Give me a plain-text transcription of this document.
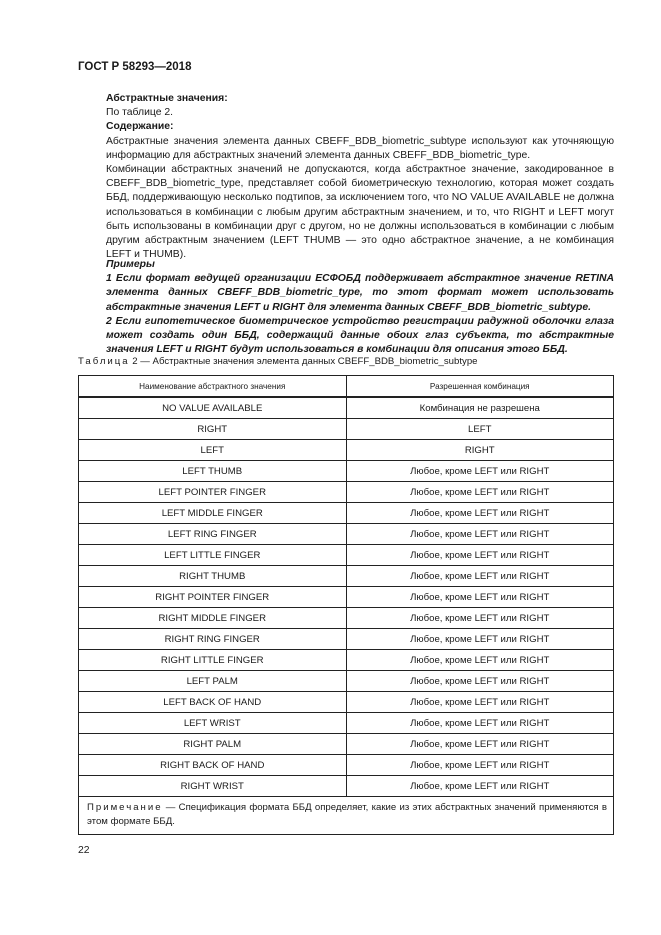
ГОСТ Р 58293—2018

Абстрактные значения:

По таблице 2.

Содержание:

Абстрактные значения элемента данных CBEFF_BDB_biometric_subtype используют как уточняющую информацию для абстрактных значений элемента данных CBEFF_BDB_biometric_type.

Комбинации абстрактных значений не допускаются, когда абстрактное значение, закодированное в CBEFF_BDB_biometric_type, представляет собой биометрическую технологию, которая может создать ББД, поддерживающую несколько подтипов, за исключением того, что NO VALUE AVAILABLE не должна использоваться в комбинации с любым другим абстрактным значением, и то, что RIGHT и LEFT могут быть использованы в комбинации друг с другом, но не должны использоваться в комбинации с любым другим абстрактным значением (LEFT THUMB — это одно абстрактное значение, а не комбинация LEFT и THUMB).

Примеры

1 Если формат ведущей организации ЕСФОБД поддерживает абстрактное значение RETINA элемента данных CBEFF_BDB_biometric_type, то этот формат может использовать абстрактные значения LEFT и RIGHT для элемента данных CBEFF_BDB_biometric_subtype.

2 Если гипотетическое биометрическое устройство регистрации радужной оболочки глаза может создать один ББД, содержащий данные обоих глаз субъекта, то абстрактные значения LEFT и RIGHT будут использоваться в комбинации для описания этого ББД.

Таблица 2 — Абстрактные значения элемента данных CBEFF_BDB_biometric_subtype
Наименование абстрактного значения	Разрешенная комбинация
NO VALUE AVAILABLE	Комбинация не разрешена
RIGHT	LEFT
LEFT	RIGHT
LEFT THUMB	Любое, кроме LEFT или RIGHT
LEFT POINTER FINGER	Любое, кроме LEFT или RIGHT
LEFT MIDDLE FINGER	Любое, кроме LEFT или RIGHT
LEFT RING FINGER	Любое, кроме LEFT или RIGHT
LEFT LITTLE FINGER	Любое, кроме LEFT или RIGHT
RIGHT THUMB	Любое, кроме LEFT или RIGHT
RIGHT POINTER FINGER	Любое, кроме LEFT или RIGHT
RIGHT MIDDLE FINGER	Любое, кроме LEFT или RIGHT
RIGHT RING FINGER	Любое, кроме LEFT или RIGHT
RIGHT LITTLE FINGER	Любое, кроме LEFT или RIGHT
LEFT PALM	Любое, кроме LEFT или RIGHT
LEFT BACK OF HAND	Любое, кроме LEFT или RIGHT
LEFT WRIST	Любое, кроме LEFT или RIGHT
RIGHT PALM	Любое, кроме LEFT или RIGHT
RIGHT BACK OF HAND	Любое, кроме LEFT или RIGHT
RIGHT WRIST	Любое, кроме LEFT или RIGHT
Примечание — Спецификация формата ББД определяет, какие из этих абстрактных значений применяются в этом формате ББД.	
22
